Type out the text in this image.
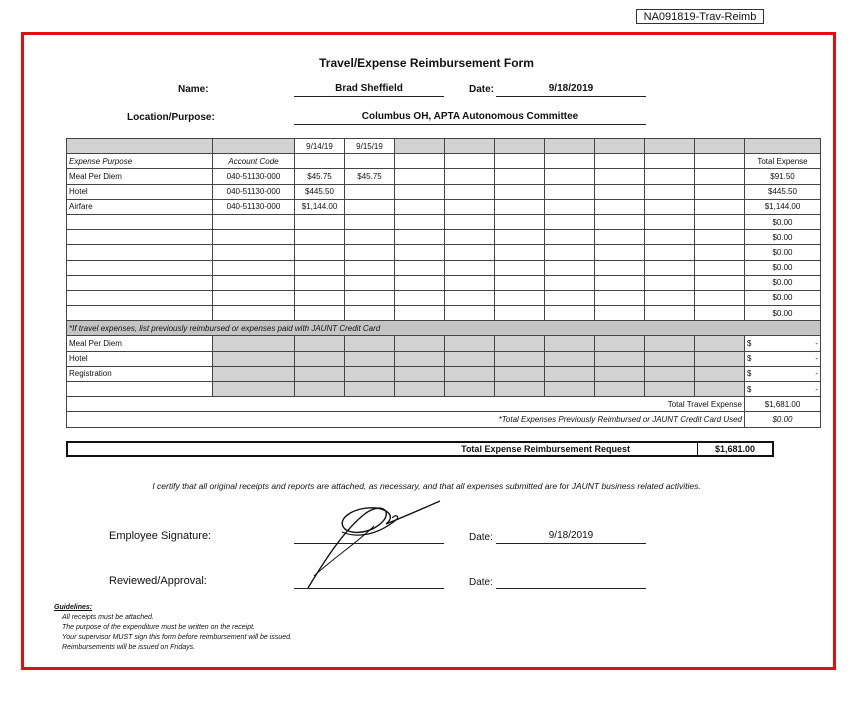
NA091819-Trav-Reimb
Travel/Expense Reimbursement Form
Name:	Brad Sheffield	Date:	9/18/2019
Location/Purpose:	Columbus OH, APTA Autonomous Committee
		9/14/19	9/15/19								
Expense Purpose	Account Code										Total Expense
Meal Per Diem	040-51130-000	$45.75	$45.75								$91.50
Hotel	040-51130-000	$445.50									$445.50
Airfare	040-51130-000	$1,144.00									$1,144.00
											$0.00
											$0.00
											$0.00
											$0.00
											$0.00
											$0.00
											$0.00
*If travel expenses, list previously reimbursed or expenses paid with JAUNT Credit Card											
Meal Per Diem											$ -

Hotel											$ -

Registration											$ -

											$ -

Total Travel Expense											$1,681.00
*Total Expenses Previously Reimbursed or JAUNT Credit Card Used											$0.00
Total Expense Reimbursement Request	$1,681.00
I certify that all original receipts and reports are attached, as necessary, and that all expenses submitted are for JAUNT business related activities.
Employee Signature:	Date:	9/18/2019
Reviewed/Approval:	Date:
Guidelines:
All receipts must be attached.
The purpose of the expenditure must be written on the receipt.
Your supervisor MUST sign this form before reimbursement will be issued.
Reimbursements will be issued on Fridays.
